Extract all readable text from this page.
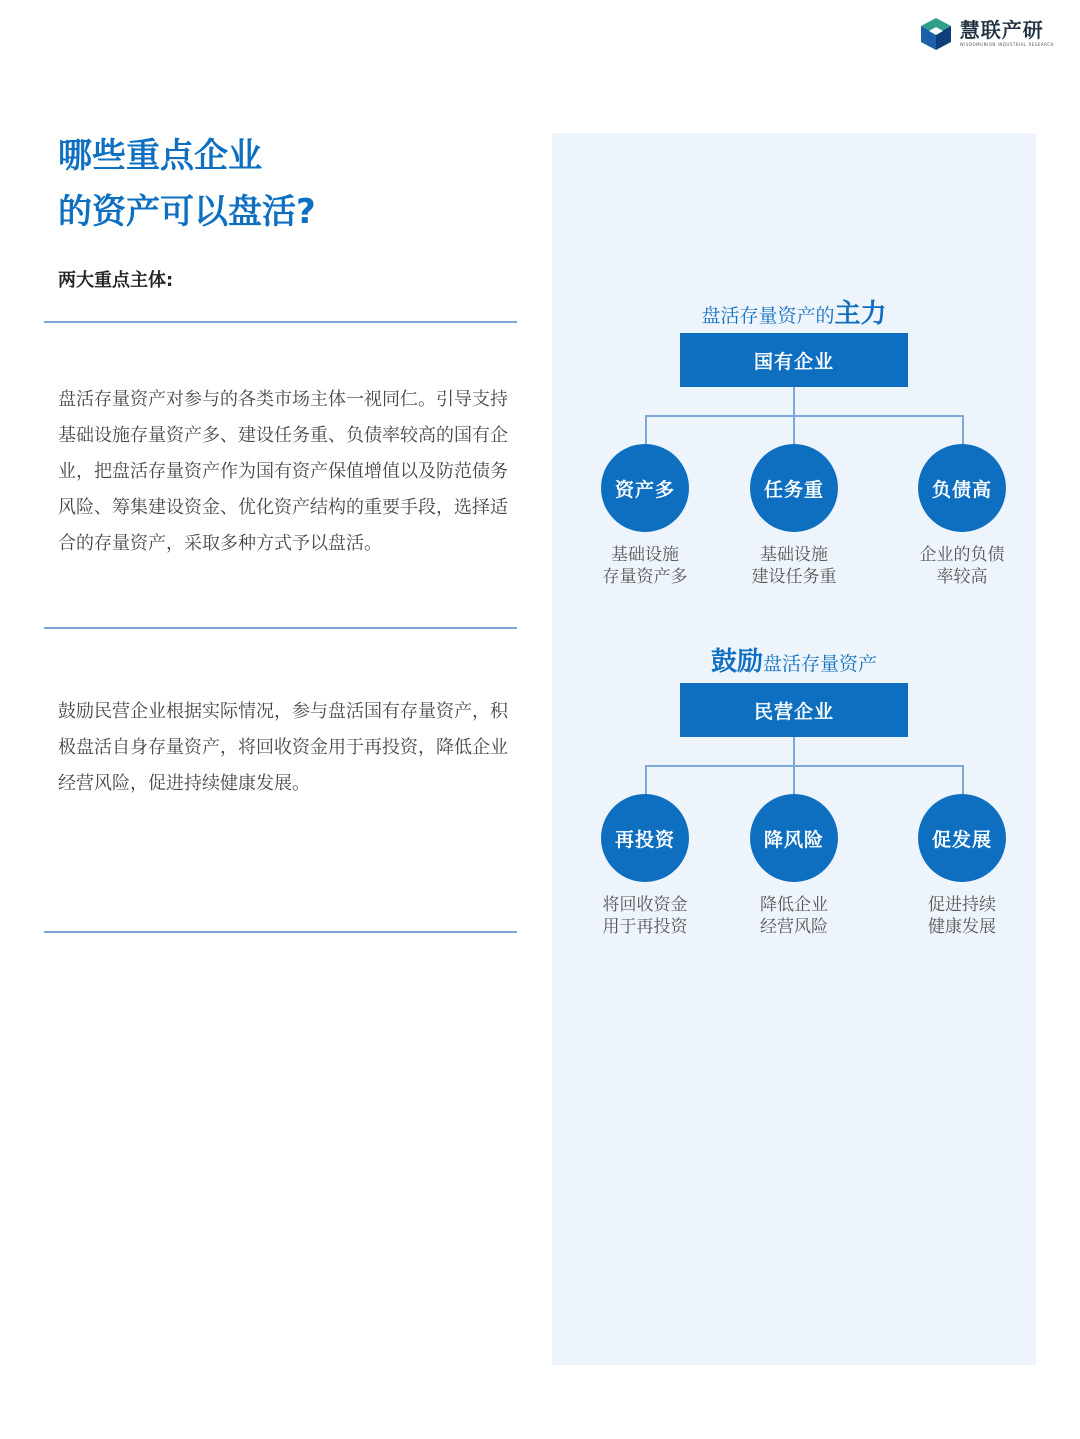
慧联产研
WISDOMUNION INDUSTRIAL RESEARCH
哪些重点企业
的资产可以盘活?
两大重点主体:
盘活存量资产对参与的各类市场主体一视同仁。引导支持基础设施存量资产多、建设任务重、负债率较高的国有企业，把盘活存量资产作为国有资产保值增值以及防范债务风险、筹集建设资金、优化资产结构的重要手段，选择适合的存量资产，采取多种方式予以盘活。
鼓励民营企业根据实际情况，参与盘活国有存量资产，积极盘活自身存量资产，将回收资金用于再投资，降低企业经营风险，促进持续健康发展。
盘活存量资产的主力
国有企业
资产多	任务重	负债高
基础设施
存量资产多
基础设施
建设任务重
企业的负债
率较高
鼓励盘活存量资产
民营企业
再投资	降风险	促发展
将回收资金
用于再投资
降低企业
经营风险
促进持续
健康发展
